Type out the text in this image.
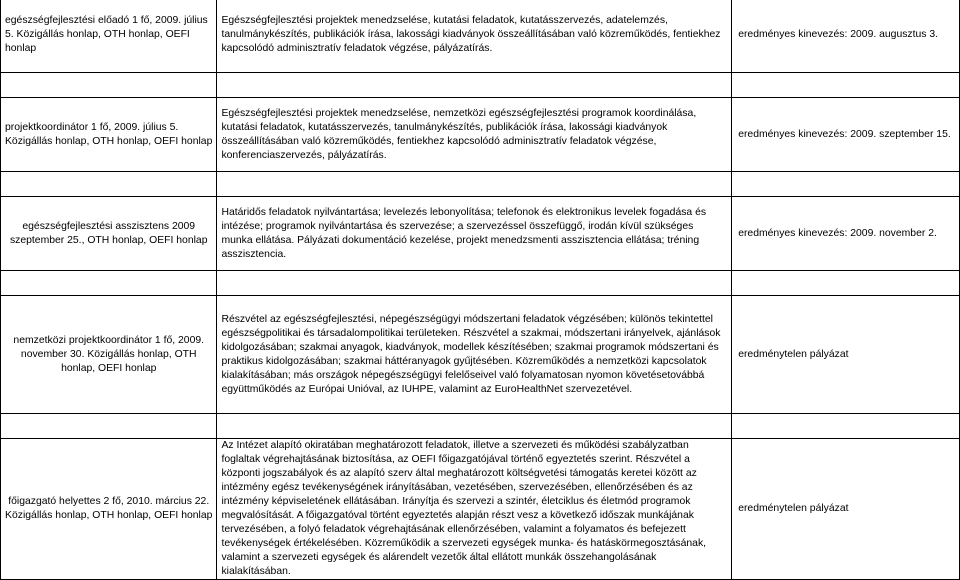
egészségfejlesztési előadó 1 fő, 2009. július 5. Közigállás honlap, OTH honlap, OEFI honlap	Egészségfejlesztési projektek menedzselése, kutatási feladatok, kutatásszervezés, adatelemzés, tanulmánykészítés, publikációk írása, lakossági kiadványok összeállításában való közreműködés, fentiekhez kapcsolódó adminisztratív feladatok végzése, pályázatírás.	eredményes kinevezés: 2009. augusztus 3.

projektkoordinátor 1 fő, 2009. július 5. Közigállás honlap, OTH honlap, OEFI honlap	Egészségfejlesztési projektek menedzselése, nemzetközi egészségfejlesztési programok koordinálása, kutatási feladatok, kutatásszervezés, tanulmánykészítés, publikációk írása, lakossági kiadványok összeállításában való közreműködés, fentiekhez kapcsolódó adminisztratív feladatok végzése, konferenciaszervezés, pályázatírás.	eredményes kinevezés: 2009. szeptember 15.

egészségfejlesztési asszisztens 2009 szeptember 25., OTH honlap, OEFI honlap	Határidős feladatok nyilvántartása; levelezés lebonyolítása; telefonok és elektronikus levelek fogadása és intézése; programok nyilvántartása és szervezése; a szervezéssel összefüggő, irodán kívül szükséges munka ellátása. Pályázati dokumentáció kezelése, projekt menedzsmenti asszisztencia ellátása; tréning asszisztencia.	eredményes kinevezés: 2009. november 2.

nemzetközi projektkoordinátor 1 fő, 2009. november 30. Közigállás honlap, OTH honlap, OEFI honlap	Részvétel az egészségfejlesztési, népegészségügyi módszertani feladatok végzésében; különös tekintettel egészségpolitikai és társadalompolitikai területeken. Részvétel a szakmai, módszertani irányelvek, ajánlások kidolgozásában; szakmai anyagok, kiadványok, modellek készítésében; szakmai programok módszertani és praktikus kidolgozásában; szakmai háttéranyagok gyűjtésében. Közreműködés a nemzetközi kapcsolatok kialakításában; más országok népegészségügyi felelőseivel való folyamatosan nyomon követésetovábbá együttműködés az Európai Unióval, az IUHPE, valamint az EuroHealthNet szervezetével.	eredménytelen pályázat

főigazgató helyettes 2 fő, 2010. március 22. Közigállás honlap, OTH honlap, OEFI honlap	Az Intézet alapító okiratában meghatározott feladatok, illetve a szervezeti és működési szabályzatban foglaltak végrehajtásának biztosítása, az OEFI főigazgatójával történő egyeztetés szerint. Részvétel a központi jogszabályok és az alapító szerv által meghatározott költségvetési támogatás keretei között az intézmény egész tevékenységének irányításában, vezetésében, szervezésében, ellenőrzésében és az intézmény képviseletének ellátásában. Irányítja és szervezi a szintér, életciklus és életmód programok megvalósítását. A főigazgatóval történt egyeztetés alapján részt vesz a következő időszak munkájának tervezésében, a folyó feladatok végrehajtásának ellenőrzésében, valamint a folyamatos és befejezett tevékenységek értékelésében. Közreműködik a szervezeti egységek munka- és hatáskörmegosztásának, valamint a szervezeti egységek és alárendelt vezetők által ellátott munkák összehangolásának kialakításában.	eredménytelen pályázat
